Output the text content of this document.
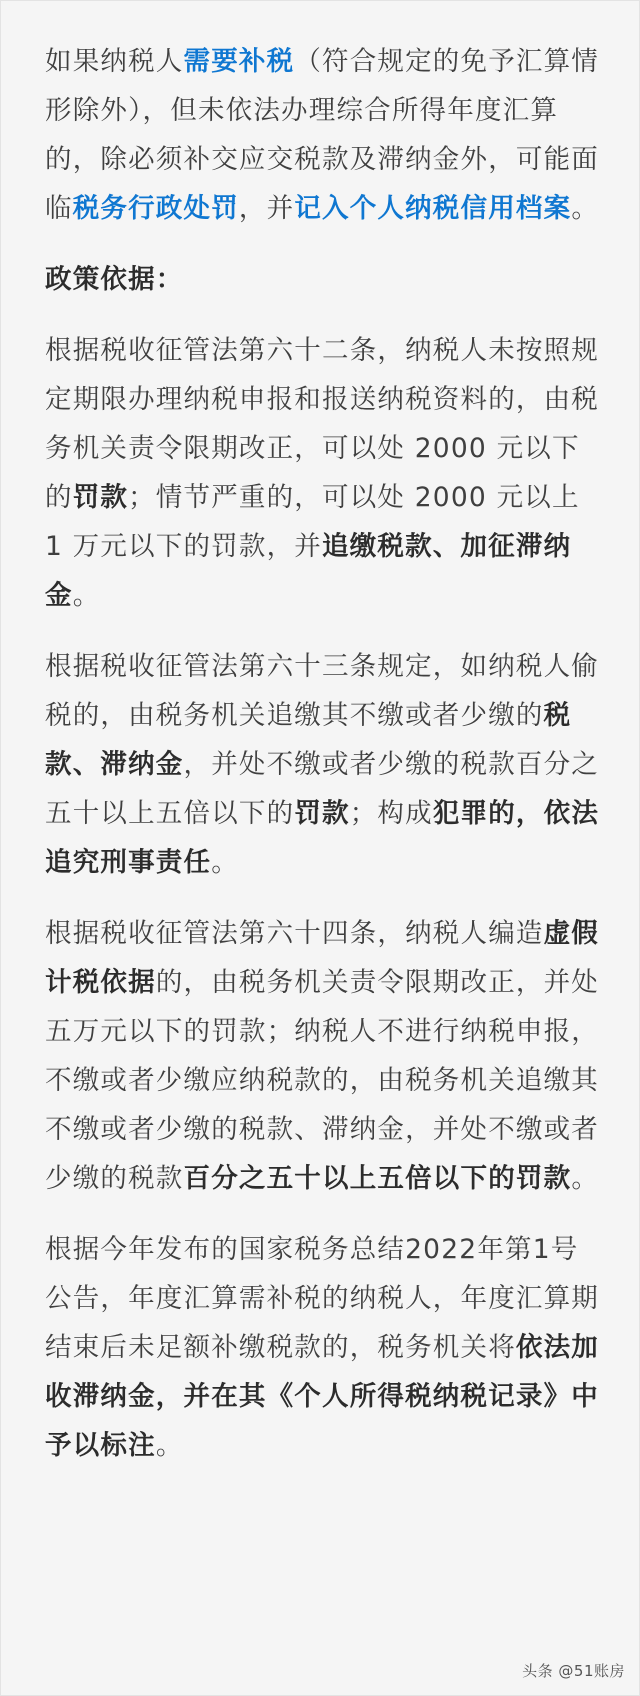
如果纳税人需要补税（符合规定的免予汇算情形除外），但未依法办理综合所得年度汇算的，除必须补交应交税款及滞纳金外，可能面临税务行政处罚，并记入个人纳税信用档案。

政策依据：

根据税收征管法第六十二条，纳税人未按照规定期限办理纳税申报和报送纳税资料的，由税务机关责令限期改正，可以处 2000 元以下的罚款；情节严重的，可以处 2000 元以上 1 万元以下的罚款，并追缴税款、加征滞纳金。

根据税收征管法第六十三条规定，如纳税人偷税的，由税务机关追缴其不缴或者少缴的税款、滞纳金，并处不缴或者少缴的税款百分之五十以上五倍以下的罚款；构成犯罪的，依法追究刑事责任。

根据税收征管法第六十四条，纳税人编造虚假计税依据的，由税务机关责令限期改正，并处五万元以下的罚款；纳税人不进行纳税申报，不缴或者少缴应纳税款的，由税务机关追缴其不缴或者少缴的税款、滞纳金，并处不缴或者少缴的税款百分之五十以上五倍以下的罚款。

根据今年发布的国家税务总结2022年第1号公告，年度汇算需补税的纳税人，年度汇算期结束后未足额补缴税款的，税务机关将依法加收滞纳金，并在其《个人所得税纳税记录》中予以标注。

头条 @51账房
